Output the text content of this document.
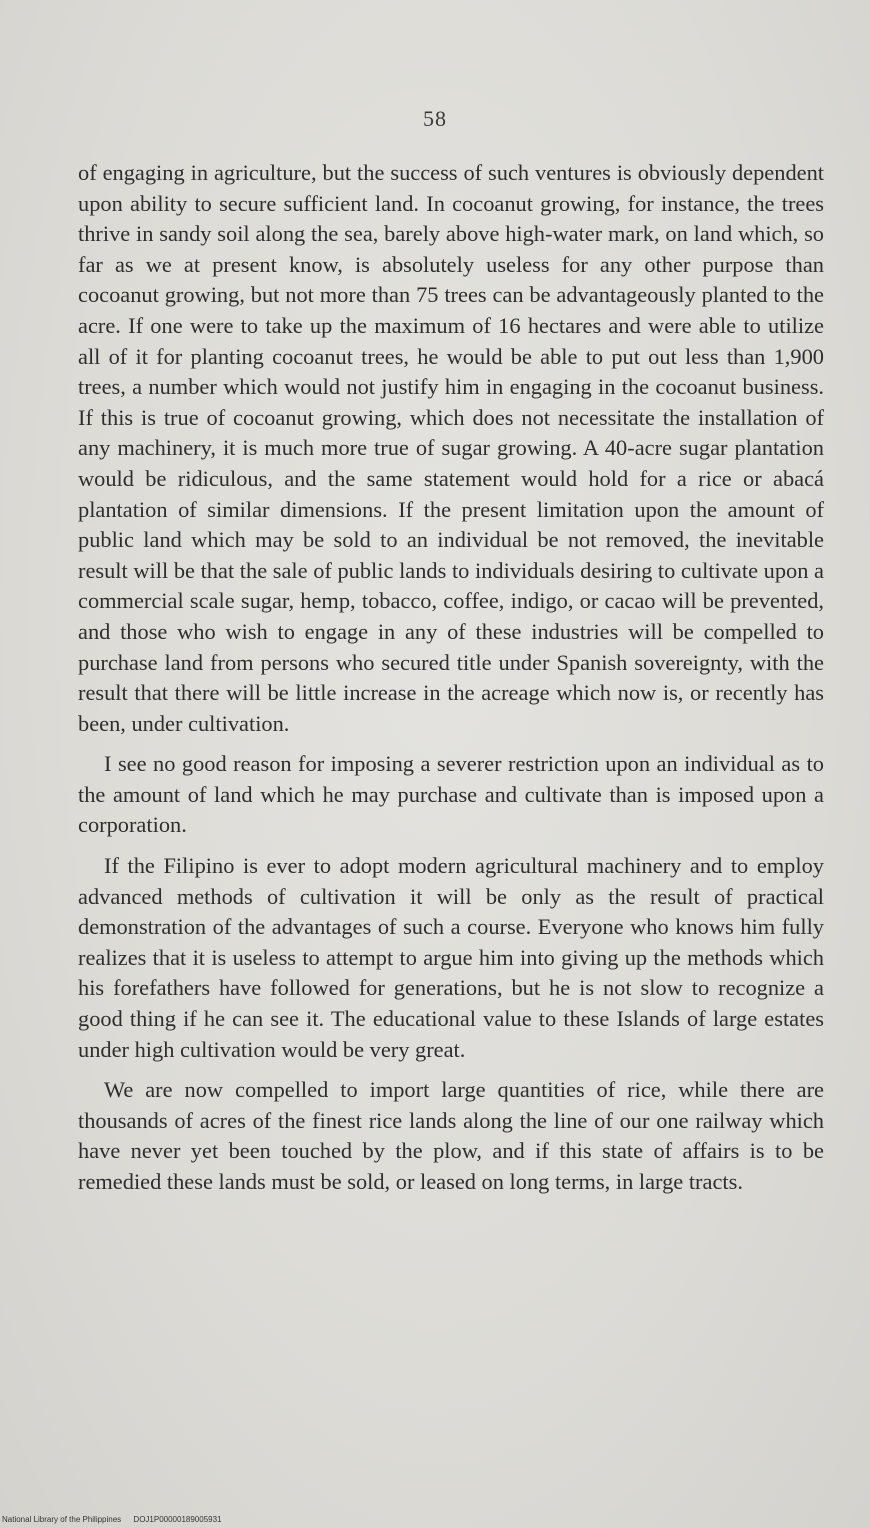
58

of engaging in agriculture, but the success of such ventures is obviously dependent upon ability to secure sufficient land. In cocoanut growing, for instance, the trees thrive in sandy soil along the sea, barely above high-water mark, on land which, so far as we at present know, is absolutely useless for any other purpose than cocoanut growing, but not more than 75 trees can be advantageously planted to the acre. If one were to take up the maximum of 16 hectares and were able to utilize all of it for planting cocoanut trees, he would be able to put out less than 1,900 trees, a number which would not justify him in engaging in the cocoanut business. If this is true of cocoanut growing, which does not necessitate the installation of any machinery, it is much more true of sugar growing. A 40-acre sugar plantation would be ridiculous, and the same statement would hold for a rice or abacá plantation of similar dimensions. If the present limitation upon the amount of public land which may be sold to an individual be not removed, the inevitable result will be that the sale of public lands to individuals desiring to cultivate upon a commercial scale sugar, hemp, tobacco, coffee, indigo, or cacao will be prevented, and those who wish to engage in any of these industries will be compelled to purchase land from persons who secured title under Spanish sovereignty, with the result that there will be little increase in the acreage which now is, or recently has been, under cultivation.

I see no good reason for imposing a severer restriction upon an individual as to the amount of land which he may purchase and cultivate than is imposed upon a corporation.

If the Filipino is ever to adopt modern agricultural machinery and to employ advanced methods of cultivation it will be only as the result of practical demonstration of the advantages of such a course. Everyone who knows him fully realizes that it is useless to attempt to argue him into giving up the methods which his forefathers have followed for generations, but he is not slow to recognize a good thing if he can see it. The educational value to these Islands of large estates under high cultivation would be very great.

We are now compelled to import large quantities of rice, while there are thousands of acres of the finest rice lands along the line of our one railway which have never yet been touched by the plow, and if this state of affairs is to be remedied these lands must be sold, or leased on long terms, in large tracts.

National Library of the Philippines DOJ1P00000189005931
